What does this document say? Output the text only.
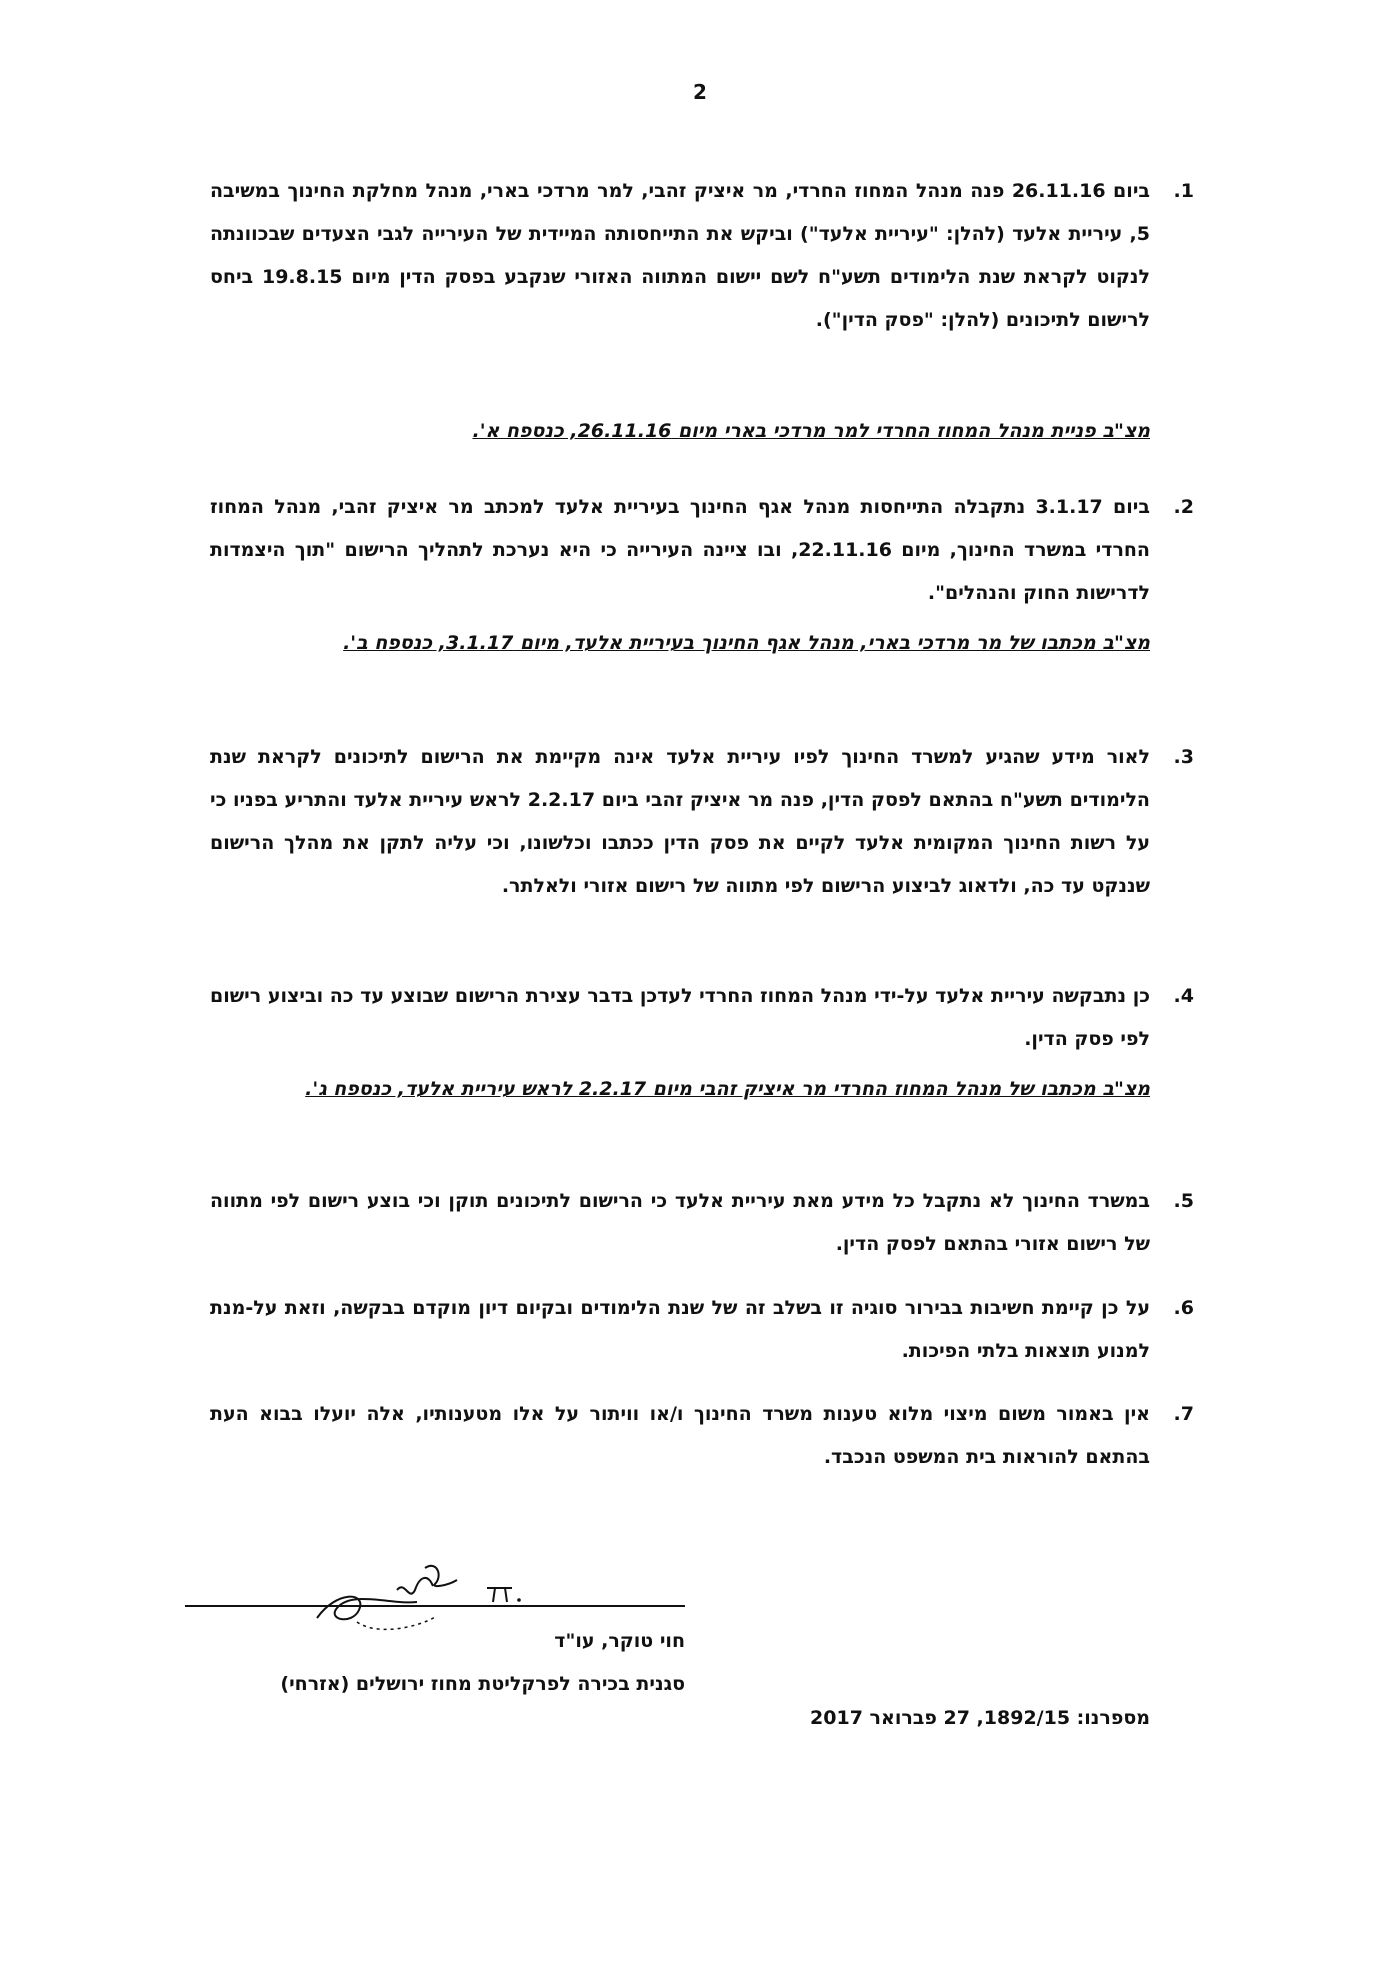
2

.1
ביום 26.11.16 פנה מנהל המחוז החרדי, מר איציק זהבי, למר מרדכי בארי, מנהל מחלקת החינוך במשיבה 5, עיריית אלעד (להלן: "עיריית אלעד") וביקש את התייחסותה המיידית של העירייה לגבי הצעדים שבכוונתה לנקוט לקראת שנת הלימודים תשע"ח לשם יישום המתווה האזורי שנקבע בפסק הדין מיום 19.8.15 ביחס לרישום לתיכונים (להלן: "פסק הדין").

מצ"ב פניית מנהל המחוז החרדי למר מרדכי בארי מיום 26.11.16, כנספח א'.

.2
ביום 3.1.17 נתקבלה התייחסות מנהל אגף החינוך בעיריית אלעד למכתב מר איציק זהבי, מנהל המחוז החרדי במשרד החינוך, מיום 22.11.16, ובו ציינה העירייה כי היא נערכת לתהליך הרישום "תוך היצמדות לדרישות החוק והנהלים".

מצ"ב מכתבו של מר מרדכי בארי, מנהל אגף החינוך בעיריית אלעד, מיום 3.1.17, כנספח ב'.

.3
לאור מידע שהגיע למשרד החינוך לפיו עיריית אלעד אינה מקיימת את הרישום לתיכונים לקראת שנת הלימודים תשע"ח בהתאם לפסק הדין, פנה מר איציק זהבי ביום 2.2.17 לראש עיריית אלעד והתריע בפניו כי על רשות החינוך המקומית אלעד לקיים את פסק הדין ככתבו וכלשונו, וכי עליה לתקן את מהלך הרישום שננקט עד כה, ולדאוג לביצוע הרישום לפי מתווה של רישום אזורי ולאלתר.

.4
כן נתבקשה עיריית אלעד על-ידי מנהל המחוז החרדי לעדכן בדבר עצירת הרישום שבוצע עד כה וביצוע רישום לפי פסק הדין.

מצ"ב מכתבו של מנהל המחוז החרדי מר איציק זהבי מיום 2.2.17 לראש עיריית אלעד, כנספח ג'.

.5
במשרד החינוך לא נתקבל כל מידע מאת עיריית אלעד כי הרישום לתיכונים תוקן וכי בוצע רישום לפי מתווה של רישום אזורי בהתאם לפסק הדין.

.6
על כן קיימת חשיבות בבירור סוגיה זו בשלב זה של שנת הלימודים ובקיום דיון מוקדם בבקשה, וזאת על-מנת למנוע תוצאות בלתי הפיכות.

.7
אין באמור משום מיצוי מלוא טענות משרד החינוך ו/או וויתור על אלו מטענותיו, אלה יועלו בבוא העת בהתאם להוראות בית המשפט הנכבד.

חוי טוקר, עו"ד
סגנית בכירה לפרקליטת מחוז ירושלים (אזרחי)
מספרנו: 1892/15, 27 פברואר 2017
